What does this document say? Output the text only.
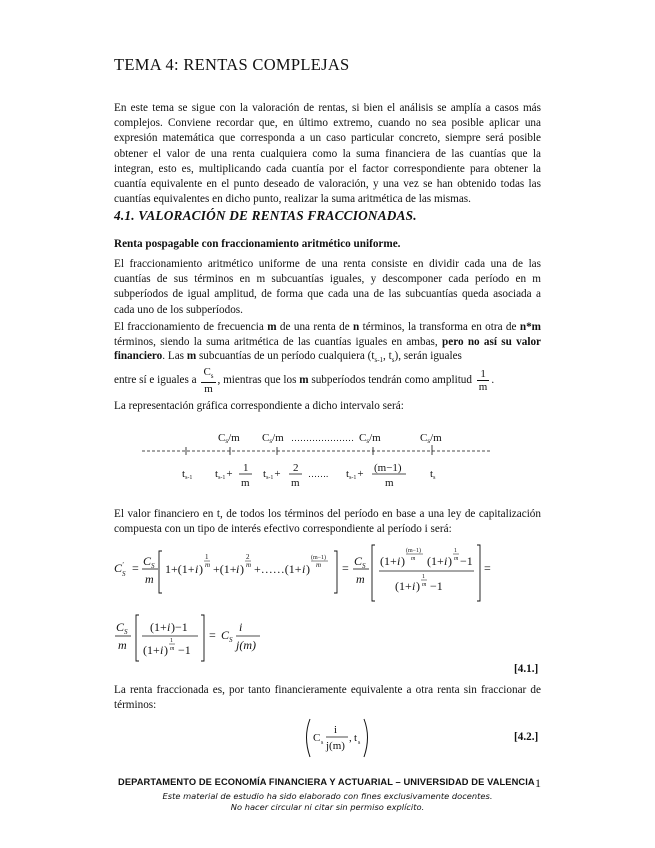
TEMA 4: RENTAS COMPLEJAS
En este tema se sigue con la valoración de rentas, si bien el análisis se amplía a casos más complejos. Conviene recordar que, en último extremo, cuando no sea posible aplicar una expresión matemática que corresponda a un caso particular concreto, siempre será posible obtener el valor de una renta cualquiera como la suma financiera de las cuantías que la integran, esto es, multiplicando cada cuantía por el factor correspondiente para obtener la cuantía equivalente en el punto deseado de valoración, y una vez se han obtenido todas las cuantías equivalentes en dicho punto, realizar la suma aritmética de las mismas.
4.1. VALORACIÓN DE RENTAS FRACCIONADAS.
Renta pospagable con fraccionamiento aritmético uniforme.
El fraccionamiento aritmético uniforme de una renta consiste en dividir cada una de las cuantías de sus términos en m subcuantías iguales, y descomponer cada período en m subperíodos de igual amplitud, de forma que cada una de las subcuantías queda asociada a cada uno de los subperíodos.
El fraccionamiento de frecuencia m de una renta de n términos, la transforma en otra de n*m términos, siendo la suma aritmética de las cuantías iguales en ambas, pero no así su valor financiero. Las m subcuantías de un período cualquiera ($t_{s-1}$, $t_s$), serán iguales
entre sí e iguales a $\frac{C_s}{m}$ , mientras que los m subperíodos tendrán como amplitud $\frac{1}{m}$ .
La representación gráfica correspondiente a dicho intervalo será:
Cs/m Cs/m ………………… Cs/m	Cs/m
ts-1 ts-1+ 1
m
ts-1+ 2
m
……. ts-1+ (m−1)
m
ts
El valor financiero en t, de todos los términos del período en base a una ley de capitalización compuesta con un tipo de interés efectivo correspondiente al período i será:
C '
S = C S
m
1+(1+ i )
1
m +(1+ i )
2
m +……(1+ i )
(m−1)
m = C S
m
(1+ i )
(m−1)
m (1+ i )
1
m −1
(1+ i )
1
m −1
=
C S
m
(1+ i )−1
(1+ i )
1
m −1
= C S
i
j(m)
[4.1.]
La renta fraccionada es, por tanto financieramente equivalente a otra renta sin fraccionar de términos:
C s
i
j(m)
, t s	[4.2.]
DEPARTAMENTO DE ECONOMÍA FINANCIERA Y ACTUARIAL – UNIVERSIDAD DE VALENCIA 1
Este material de estudio ha sido elaborado con fines exclusivamente docentes.
No hacer circular ni citar sin permiso explícito.
